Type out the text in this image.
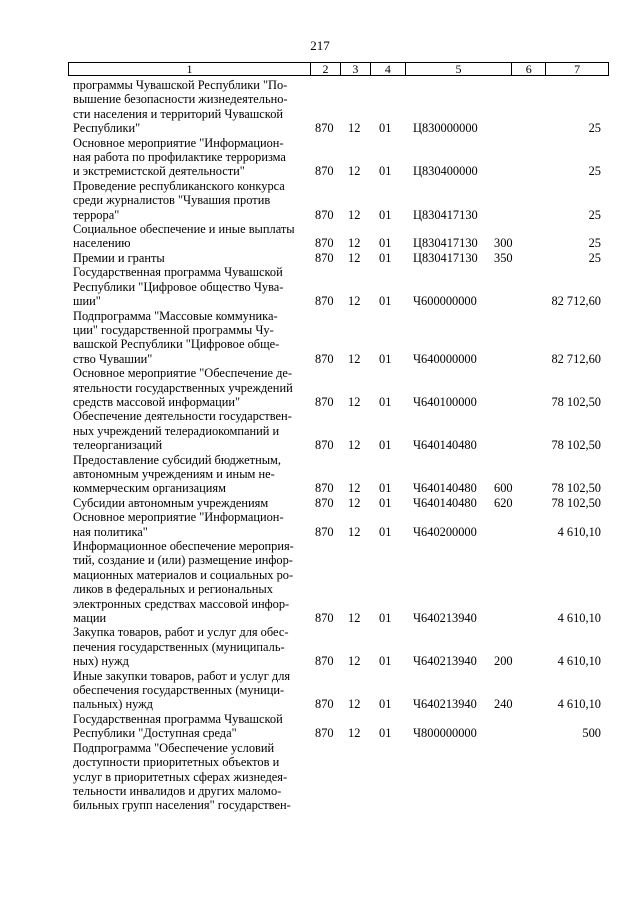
217
1	2	3	4	5	6	7
программы Чувашской Республики "По-
вышение безопасности жизнедеятельно-
сти населения и территорий Чувашской
Республики"	870 12 01 Ц830000000	25
Основное мероприятие "Информацион-
ная работа по профилактике терроризма
и экстремистской деятельности"	870 12 01 Ц830400000	25
Проведение республиканского конкурса
среди журналистов "Чувашия против
террора"	870 12 01 Ц830417130	25
Социальное обеспечение и иные выплаты
населению	870 12 01 Ц830417130 300	25
Премии и гранты	870 12 01 Ц830417130 350	25
Государственная программа Чувашской
Республики "Цифровое общество Чува-
шии"	870 12 01 Ч600000000	82 712,60
Подпрограмма "Массовые коммуника-
ции" государственной программы Чу-
вашской Республики "Цифровое обще-
ство Чувашии"	870 12 01 Ч640000000	82 712,60
Основное мероприятие "Обеспечение де-
ятельности государственных учреждений
средств массовой информации"	870 12 01 Ч640100000	78 102,50
Обеспечение деятельности государствен-
ных учреждений телерадиокомпаний и
телеорганизаций	870 12 01 Ч640140480	78 102,50
Предоставление субсидий бюджетным,
автономным учреждениям и иным не-
коммерческим организациям	870 12 01 Ч640140480 600	78 102,50
Субсидии автономным учреждениям	870 12 01 Ч640140480 620	78 102,50
Основное мероприятие "Информацион-
ная политика"	870 12 01 Ч640200000	4 610,10
Информационное обеспечение мероприя-
тий, создание и (или) размещение инфор-
мационных материалов и социальных ро-
ликов в федеральных и региональных
электронных средствах массовой инфор-
мации	870 12 01 Ч640213940	4 610,10
Закупка товаров, работ и услуг для обес-
печения государственных (муниципаль-
ных) нужд	870 12 01 Ч640213940 200	4 610,10
Иные закупки товаров, работ и услуг для
обеспечения государственных (муници-
пальных) нужд	870 12 01 Ч640213940 240	4 610,10
Государственная программа Чувашской
Республики "Доступная среда"	870 12 01 Ч800000000	500
Подпрограмма "Обеспечение условий
доступности приоритетных объектов и
услуг в приоритетных сферах жизнедея-
тельности инвалидов и других маломо-
бильных групп населения" государствен-
